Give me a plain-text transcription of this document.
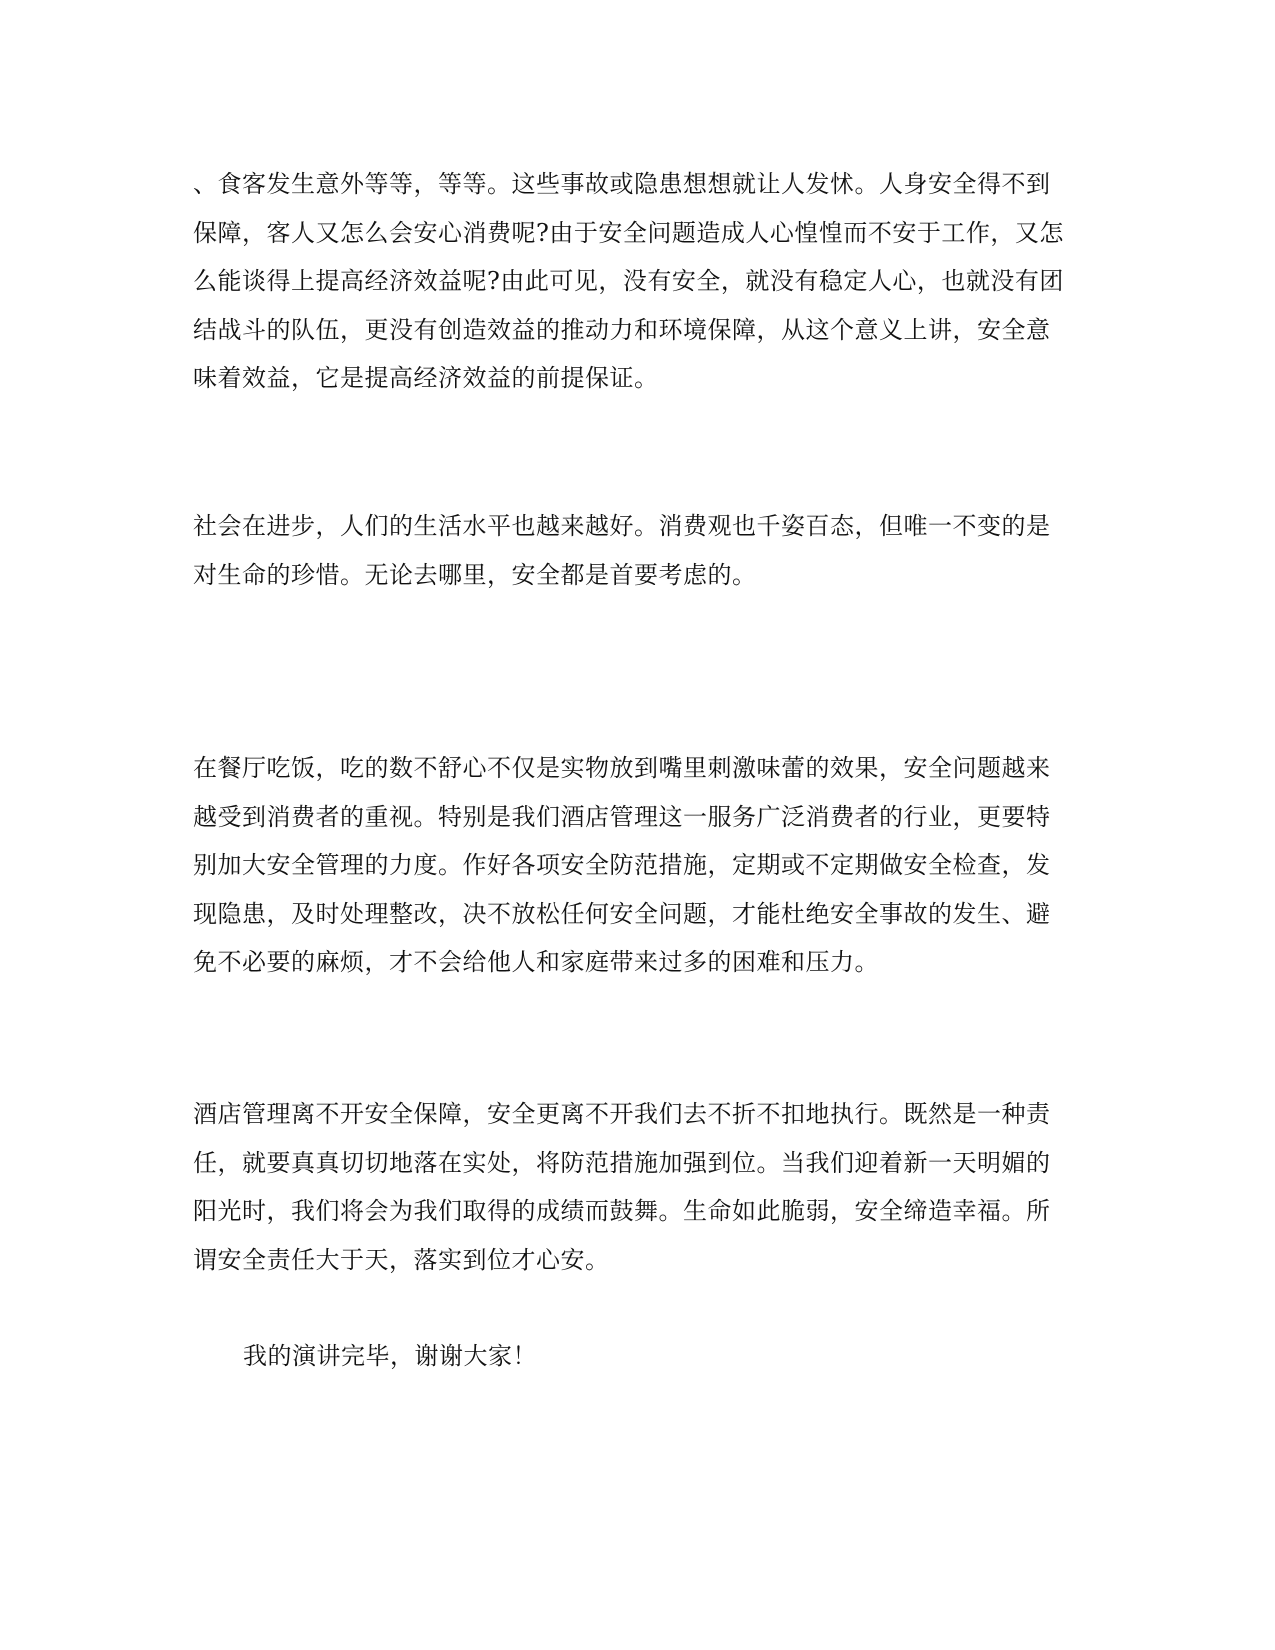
、食客发生意外等等，等等。这些事故或隐患想想就让人发怵。人身安全得不到
保障，客人又怎么会安心消费呢?由于安全问题造成人心惶惶而不安于工作，又怎
么能谈得上提高经济效益呢?由此可见，没有安全，就没有稳定人心，也就没有团
结战斗的队伍，更没有创造效益的推动力和环境保障，从这个意义上讲，安全意
味着效益，它是提高经济效益的前提保证。

社会在进步，人们的生活水平也越来越好。消费观也千姿百态，但唯一不变的是
对生命的珍惜。无论去哪里，安全都是首要考虑的。

在餐厅吃饭，吃的数不舒心不仅是实物放到嘴里刺激味蕾的效果，安全问题越来
越受到消费者的重视。特别是我们酒店管理这一服务广泛消费者的行业，更要特
别加大安全管理的力度。作好各项安全防范措施，定期或不定期做安全检查，发
现隐患，及时处理整改，决不放松任何安全问题，才能杜绝安全事故的发生、避
免不必要的麻烦，才不会给他人和家庭带来过多的困难和压力。

酒店管理离不开安全保障，安全更离不开我们去不折不扣地执行。既然是一种责
任，就要真真切切地落在实处，将防范措施加强到位。当我们迎着新一天明媚的
阳光时，我们将会为我们取得的成绩而鼓舞。生命如此脆弱，安全缔造幸福。所
谓安全责任大于天，落实到位才心安。

我的演讲完毕，谢谢大家！
